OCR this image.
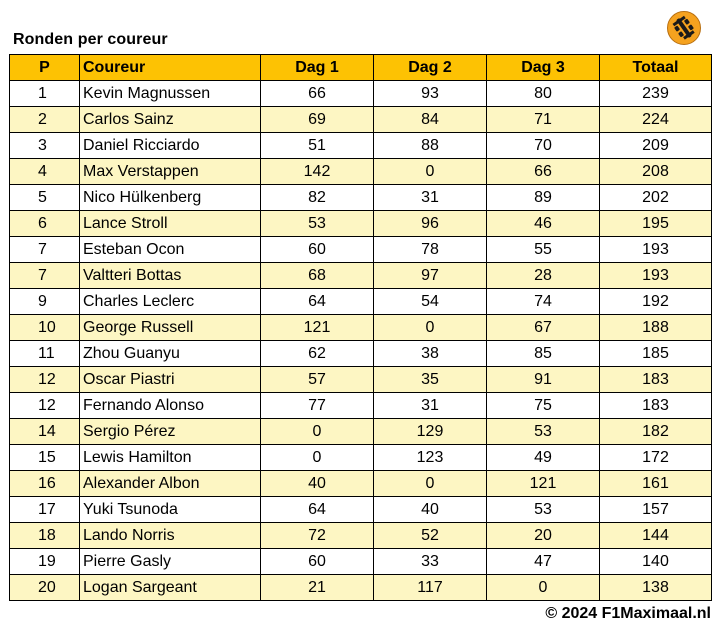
Ronden per coureur
P	Coureur	Dag 1	Dag 2	Dag 3	Totaal
1	Kevin Magnussen	66	93	80	239
2	Carlos Sainz	69	84	71	224
3	Daniel Ricciardo	51	88	70	209
4	Max Verstappen	142	0	66	208
5	Nico Hülkenberg	82	31	89	202
6	Lance Stroll	53	96	46	195
7	Esteban Ocon	60	78	55	193
7	Valtteri Bottas	68	97	28	193
9	Charles Leclerc	64	54	74	192
10	George Russell	121	0	67	188
11	Zhou Guanyu	62	38	85	185
12	Oscar Piastri	57	35	91	183
12	Fernando Alonso	77	31	75	183
14	Sergio Pérez	0	129	53	182
15	Lewis Hamilton	0	123	49	172
16	Alexander Albon	40	0	121	161
17	Yuki Tsunoda	64	40	53	157
18	Lando Norris	72	52	20	144
19	Pierre Gasly	60	33	47	140
20	Logan Sargeant	21	117	0	138
© 2024 F1Maximaal.nl
